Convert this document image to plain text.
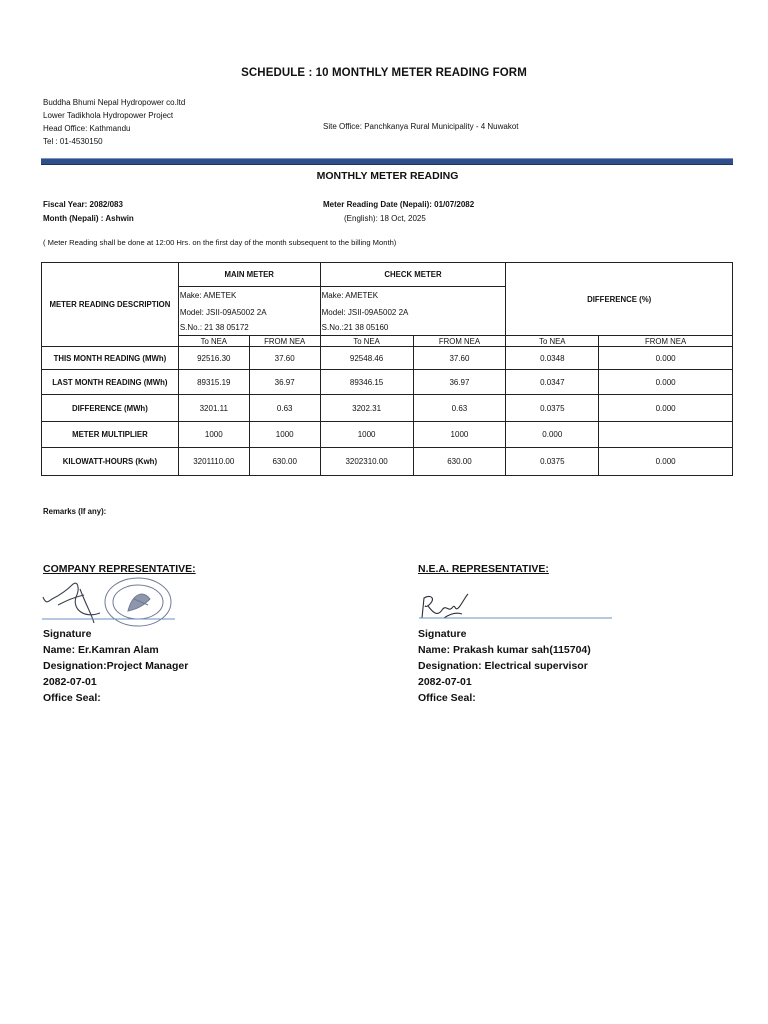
SCHEDULE : 10 MONTHLY METER READING FORM
Buddha Bhumi Nepal Hydropower co.ltd
Lower Tadikhola Hydropower Project
Head Office: Kathmandu
Tel : 01-4530150
Site Office: Panchkanya Rural Municipality - 4 Nuwakot
MONTHLY METER READING
Fiscal Year: 2082/083
Month (Nepali) : Ashwin
Meter Reading Date (Nepali): 01/07/2082
(English): 18 Oct, 2025
( Meter Reading shall be done at 12:00 Hrs. on the first day of the month subsequent to the billing Month)
METER READING DESCRIPTION	MAIN METER		CHECK METER		DIFFERENCE (%)	
	Make: AMETEK		Make: AMETEK			
	Model: JSII-09A5002 2A		Model: JSII-09A5002 2A			
	S.No.: 21 38 05172		S.No.:21 38 05160			
	To NEA	FROM NEA	To NEA	FROM NEA	To NEA	FROM NEA
THIS MONTH READING (MWh)	92516.30	37.60	92548.46	37.60	0.0348	0.000
LAST MONTH READING (MWh)	89315.19	36.97	89346.15	36.97	0.0347	0.000
DIFFERENCE (MWh)	3201.11	0.63	3202.31	0.63	0.0375	0.000
METER MULTIPLIER	1000	1000	1000	1000	0.000	
KILOWATT-HOURS (Kwh)	3201110.00	630.00	3202310.00	630.00	0.0375	0.000
Remarks (If any):
COMPANY REPRESENTATIVE:
Signature
Name: Er.Kamran Alam
Designation:Project Manager
2082-07-01
Office Seal:
N.E.A. REPRESENTATIVE:
Signature
Name: Prakash kumar sah(115704)
Designation: Electrical supervisor
2082-07-01
Office Seal:
